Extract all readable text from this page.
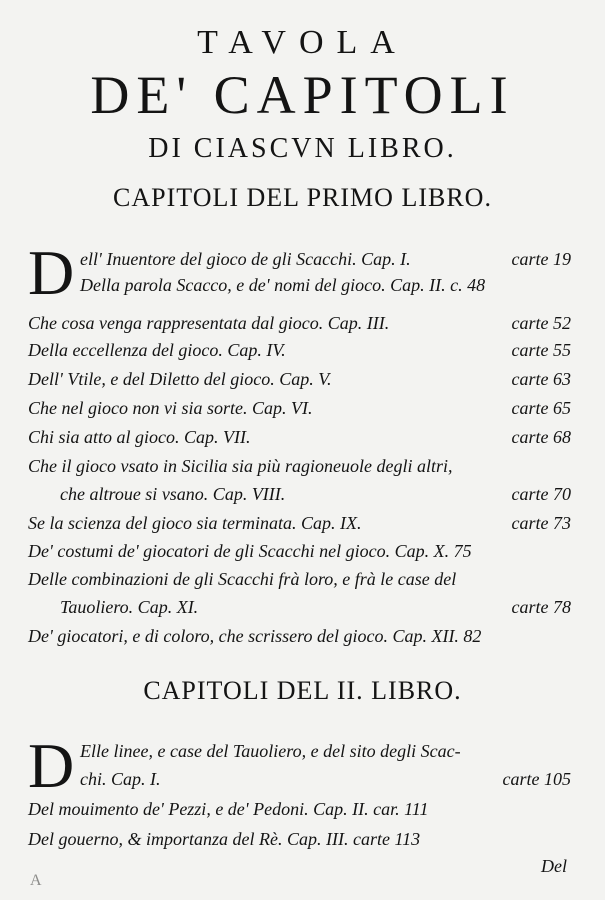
TAVOLA
DE' CAPITOLI
DI CIASCVN LIBRO.
CAPITOLI DEL PRIMO LIBRO.
D ell' Inuentore del gioco de gli Scacchi. Cap. I.	carte 19
Della parola Scacco, e de' nomi del gioco. Cap. II. c. 48
Che cosa venga rappresentata dal gioco. Cap. III.	carte 52
Della eccellenza del gioco. Cap. IV.	carte 55
Dell' Vtile, e del Diletto del gioco. Cap. V.	carte 63
Che nel gioco non vi sia sorte. Cap. VI.	carte 65
Chi sia atto al gioco. Cap. VII.	carte 68
Che il gioco vsato in Sicilia sia più ragioneuole degli altri,
che altroue si vsano. Cap. VIII.	carte 70
Se la scienza del gioco sia terminata. Cap. IX.	carte 73
De' costumi de' giocatori de gli Scacchi nel gioco. Cap. X. 75
Delle combinazioni de gli Scacchi frà loro, e frà le case del
Tauoliero. Cap. XI.	carte 78
De' giocatori, e di coloro, che scrissero del gioco. Cap. XII. 82
CAPITOLI DEL II. LIBRO.
D Elle linee, e case del Tauoliero, e del sito degli Scac-
chi. Cap. I.	carte 105
Del mouimento de' Pezzi, e de' Pedoni. Cap. II. car. 111
Del gouerno, & importanza del Rè. Cap. III. carte 113
Del
A
